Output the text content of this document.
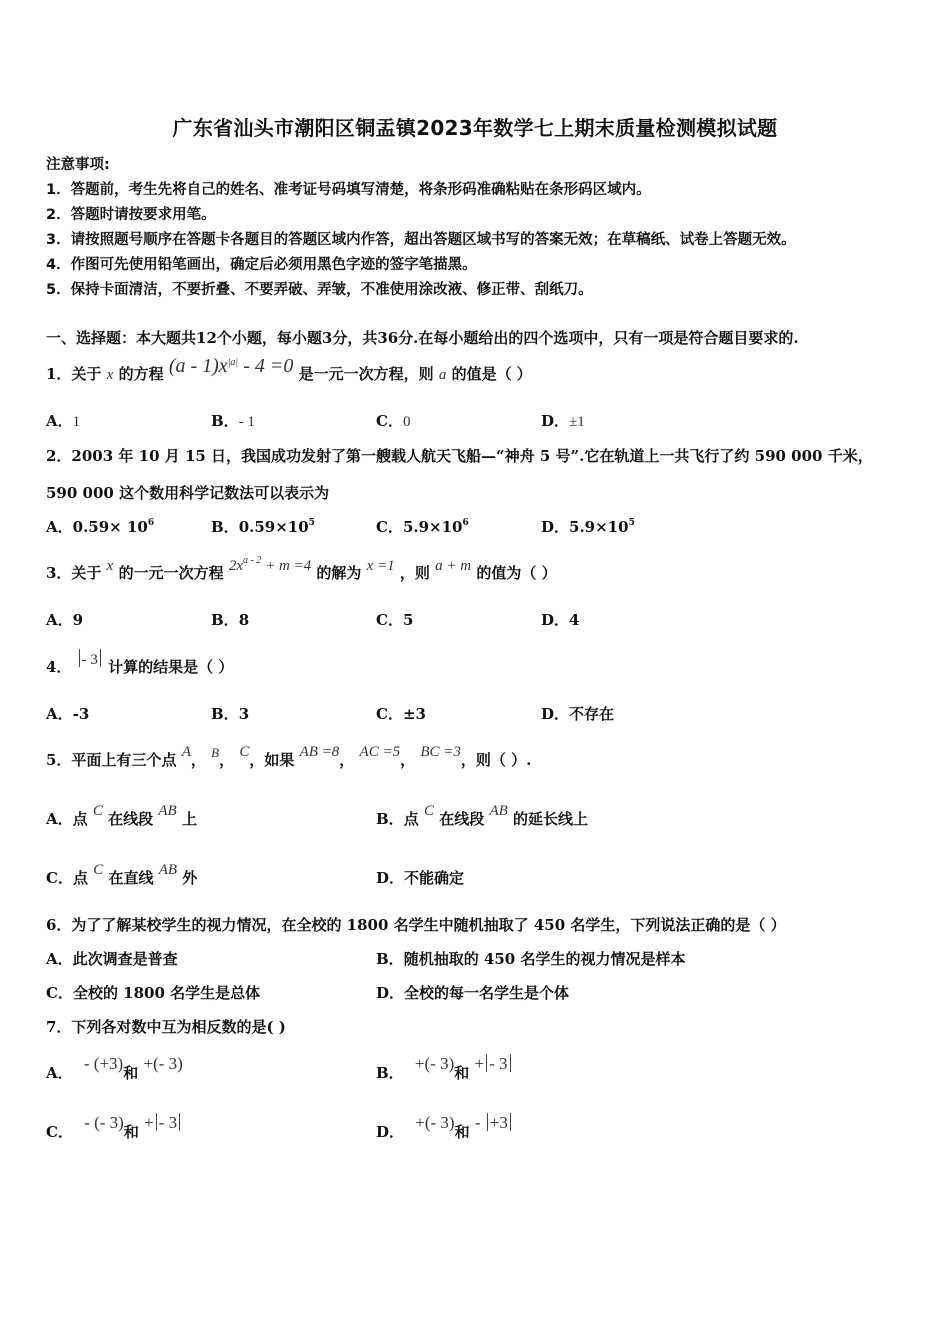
广东省汕头市潮阳区铜盂镇2023年数学七上期末质量检测模拟试题
注意事项:
1．答题前，考生先将自己的姓名、准考证号码填写清楚，将条形码准确粘贴在条形码区域内。
2．答题时请按要求用笔。
3．请按照题号顺序在答题卡各题目的答题区域内作答，超出答题区域书写的答案无效；在草稿纸、试卷上答题无效。
4．作图可先使用铅笔画出，确定后必须用黑色字迹的签字笔描黑。
5．保持卡面清洁，不要折叠、不要弄破、弄皱，不准使用涂改液、修正带、刮纸刀。
一、选择题：本大题共12个小题，每小题3分，共36分.在每小题给出的四个选项中，只有一项是符合题目要求的.
1．关于 x 的方程 $(a - 1)x^{|a|} - 4 =0$ 是一元一次方程，则 a 的值是（ ）
A．1	B．- 1	C．0	D．±1
2．2003 年 10 月 15 日，我国成功发射了第一艘载人航天飞船—“神舟 5 号”.它在轨道上一共飞行了约 590 000 千米，
590 000 这个数用科学记数法可以表示为
A．$0.59\times 10^6$	B．$0.59\times 10^5$	C．$5.9\times 10^6$	D．$5.9\times 10^5$
3．关于 x 的一元一次方程 $2x^{a - 2} + m =4$ 的解为 x =1 ，则 a + m 的值为（ ）
A．9	B．8	C．5	D．4
4． - 3 计算的结果是（ ）
A．-3	B．3	C．±3	D．不存在
5．平面上有三个点 A， B， C，如果 AB =8， AC =5， BC =3，则（ ）.
A．点 C 在线段 AB 上	B．点 C 在线段 AB 的延长线上
C．点 C 在直线 AB 外	D．不能确定
6．为了了解某校学生的视力情况，在全校的 1800 名学生中随机抽取了 450 名学生，下列说法正确的是（ ）
A．此次调查是普查	B．随机抽取的 450 名学生的视力情况是样本
C．全校的 1800 名学生是总体	D．全校的每一名学生是个体
7．下列各对数中互为相反数的是( )
A． - (+3)和 +(- 3)	B． +(- 3)和 + - 3
C． - (- 3)和 + - 3	D． +(- 3)和 - +3
